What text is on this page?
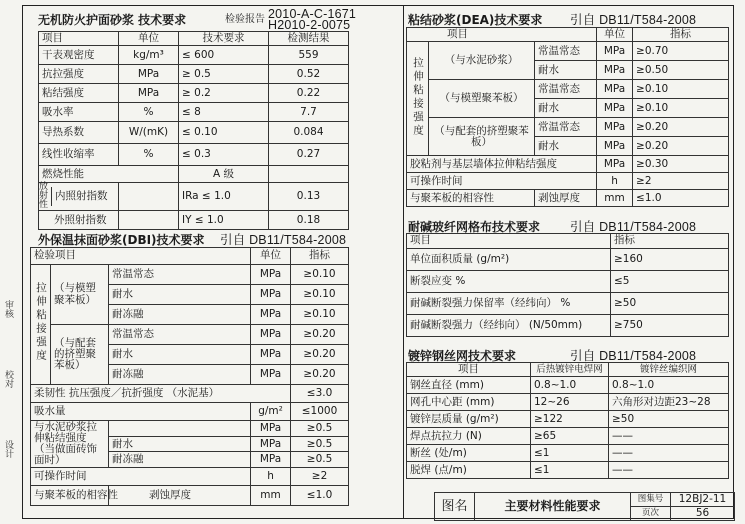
审核
校对
设计
无机防火护面砂浆 技术要求	检验报告 2010-A-C-1671
H2010-2-0075
项目	单位	技术要求	检测结果
干表观密度	kg/m³	≤ 600	559
抗拉强度	MPa	≥ 0.5	0.52
粘结强度	MPa	≥ 0.2	0.22
吸水率	%	≤ 8	7.7
导热系数	W/(mK)	≤ 0.10	0.084
线性收缩率	%	≤ 0.3	0.27
燃烧性能		A 级	

放射性
内照射指数		IRa ≤ 1.0	0.13
外照射指数		IY ≤ 1.0	0.18
外保温抹面砂浆(DBI)技术要求 引自 DB11/T584-2008
检验项目			单位	指标
拉伸粘接强度	（与模塑聚苯板）	常温常态	MPa	≥0.10
		耐水	MPa	≥0.10
		耐冻融	MPa	≥0.10
	（与配套的挤塑聚苯板）	常温常态	MPa	≥0.20
		耐水	MPa	≥0.20
		耐冻融	MPa	≥0.20
柔韧性 抗压强度／抗折强度 （水泥基）				≤3.0
吸水量			g/m²	≤1000
与水泥砂浆拉伸粘结强度（当做面砖饰面时）			MPa	≥0.5
		耐水	MPa	≥0.5
		耐冻融	MPa	≥0.5
可操作时间			h	≥2
与聚苯板的相容性		剥蚀厚度	mm	≤1.0
粘结砂浆(DEA)技术要求 引自 DB11/T584-2008
项目			单位	指标
拉伸粘接强度	（与水泥砂浆）	常温常态	MPa	≥0.70
		耐水	MPa	≥0.50
	（与模塑聚苯板）	常温常态	MPa	≥0.10
		耐水	MPa	≥0.10
	（与配套的挤塑聚苯板）	常温常态	MPa	≥0.20
		耐水	MPa	≥0.20
胶粘剂与基层墙体拉伸粘结强度			MPa	≥0.30
可操作时间			h	≥2
与聚苯板的相容性		剥蚀厚度	mm	≤1.0
耐碱玻纤网格布技术要求 引自 DB11/T584-2008
项目	指标
单位面积质量 (g/m²)	≥160
断裂应变 %	≤5
耐碱断裂强力保留率（经纬向） %	≥50
耐碱断裂强力（经纬向） (N/50mm)	≥750
镀锌钢丝网技术要求	引自 DB11/T584-2008
项目	后热镀锌电焊网	镀锌丝编织网
钢丝直径 (mm)	0.8~1.0	0.8~1.0
网孔中心距 (mm)	12~26	六角形对边距23~28
镀锌层质量 (g/m²)	≥122	≥50
焊点抗拉力 (N)	≥65	——
断丝 (处/m)	≤1	——
脱焊 (点/m)	≤1	——
图名	主要材料性能要求	图集号	12BJ2-11
		页次	56
